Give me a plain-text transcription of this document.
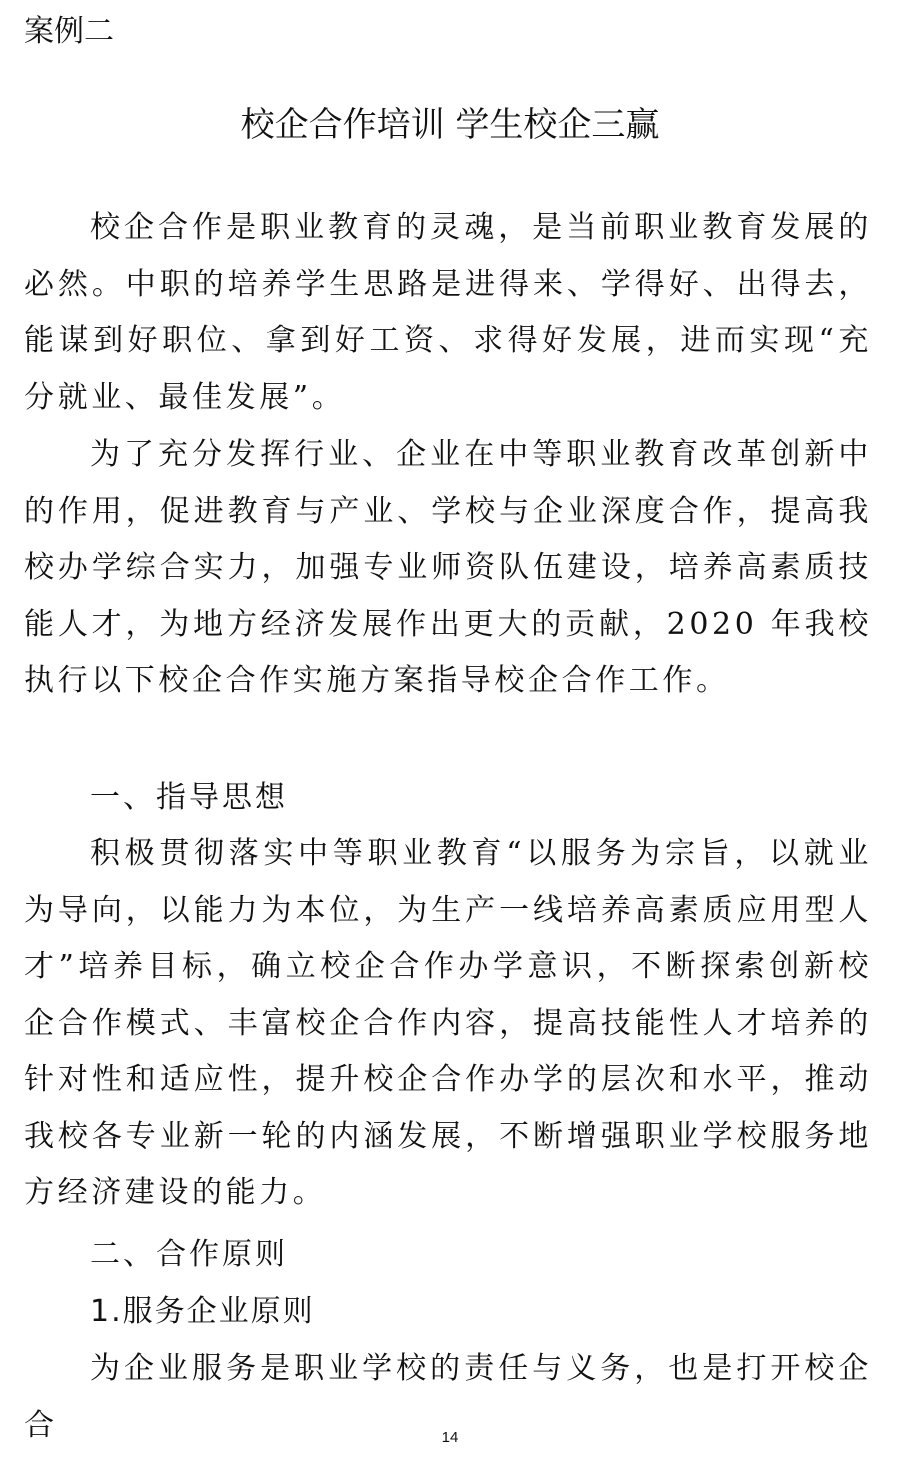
案例二

校企合作培训 学生校企三赢

校企合作是职业教育的灵魂，是当前职业教育发展的必然。中职的培养学生思路是进得来、学得好、出得去，能谋到好职位、拿到好工资、求得好发展，进而实现“充分就业、最佳发展”。

为了充分发挥行业、企业在中等职业教育改革创新中的作用，促进教育与产业、学校与企业深度合作，提高我校办学综合实力，加强专业师资队伍建设，培养高素质技能人才，为地方经济发展作出更大的贡献，2020 年我校执行以下校企合作实施方案指导校企合作工作。

一、指导思想

积极贯彻落实中等职业教育“以服务为宗旨，以就业为导向，以能力为本位，为生产一线培养高素质应用型人才”培养目标，确立校企合作办学意识，不断探索创新校企合作模式、丰富校企合作内容，提高技能性人才培养的针对性和适应性，提升校企合作办学的层次和水平，推动我校各专业新一轮的内涵发展，不断增强职业学校服务地方经济建设的能力。

二、合作原则

1.服务企业原则

为企业服务是职业学校的责任与义务，也是打开校企合	14
